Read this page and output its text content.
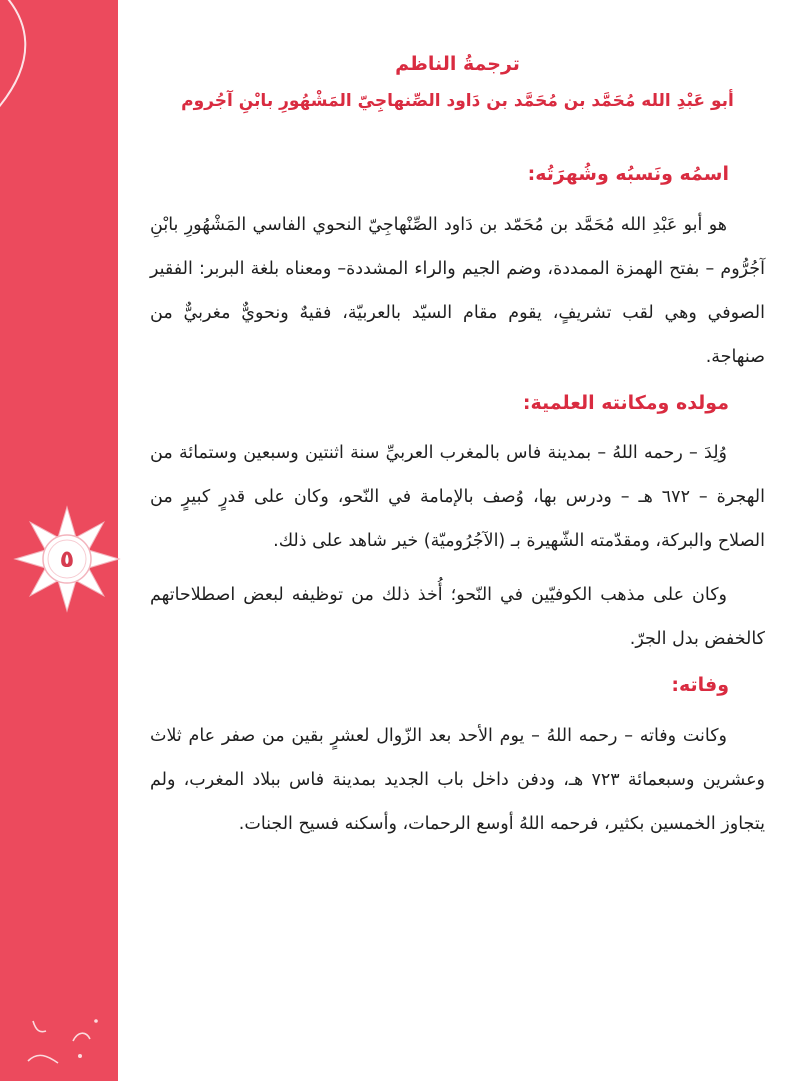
٥
ترجمةُ الناظم
أبو عَبْدِ الله مُحَمَّد بن مُحَمَّد بن دَاود الصِّنهاجِيّ المَشْهُورِ بابْنِ آجُروم
اسمُه ونَسبُه وشُهرَتُه:

هو أبو عَبْدِ الله مُحَمَّد بن مُحَمّد بن دَاود الصِّنْهاجِيّ النحوي الفاسي المَشْهُورِ بابْنِ آجُرُّوم – بفتح الهمزة الممددة، وضم الجيم والراء المشددة– ومعناه بلغة البربر: الفقير الصوفي وهي لقب تشريفٍ، يقوم مقام السيّد بالعربيّة، فقيهٌ ونحويٌّ مغربيٌّ من صنهاجة.

مولده ومكانته العلمية:

وُلِدَ – رحمه اللهُ – بمدينة فاس بالمغرب العربيِّ سنة اثنتين وسبعين وستمائة من الهجرة – ٦٧٢ هـ – ودرس بها، وُصف بالإمامة في النّحو، وكان على قدرٍ كبيرٍ من الصلاح والبركة، ومقدّمته الشّهيرة بـ (الآجُرُوميّة) خير شاهد على ذلك.

وكان على مذهب الكوفيّين في النّحو؛ أُخذ ذلك من توظيفه لبعض اصطلاحاتهم كالخفض بدل الجرّ.

وفاته:

وكانت وفاته – رحمه اللهُ – يوم الأحد بعد الزّوال لعشرٍ بقين من صفر عام ثلاث وعشرين وسبعمائة ٧٢٣ هـ، ودفن داخل باب الجديد بمدينة فاس ببلاد المغرب، ولم يتجاوز الخمسين بكثير، فرحمه اللهُ أوسع الرحمات، وأسكنه فسيح الجنات.
